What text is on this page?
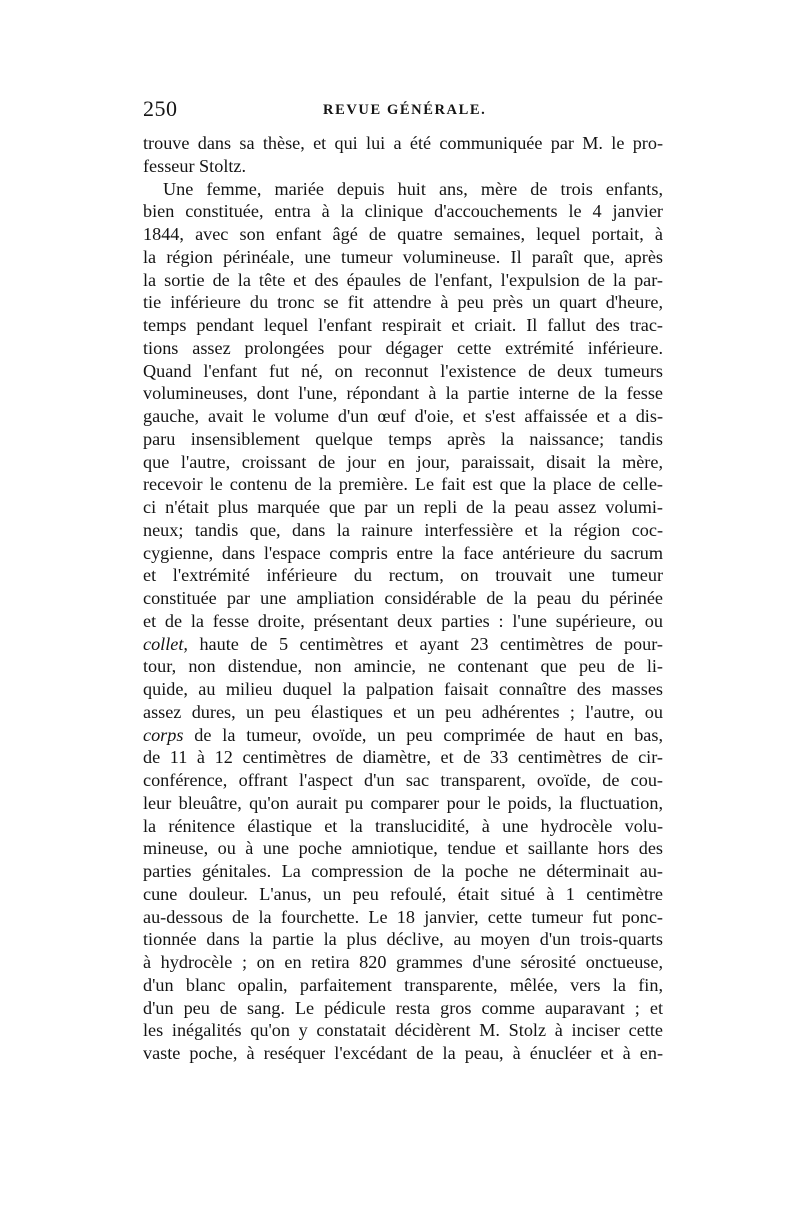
250	REVUE GÉNÉRALE.
trouve dans sa thèse, et qui lui a été communiquée par M. le pro-
fesseur Stoltz.
Une femme, mariée depuis huit ans, mère de trois enfants,
bien constituée, entra à la clinique d'accouchements le 4 janvier
1844, avec son enfant âgé de quatre semaines, lequel portait, à
la région périnéale, une tumeur volumineuse. Il paraît que, après
la sortie de la tête et des épaules de l'enfant, l'expulsion de la par-
tie inférieure du tronc se fit attendre à peu près un quart d'heure,
temps pendant lequel l'enfant respirait et criait. Il fallut des trac-
tions assez prolongées pour dégager cette extrémité inférieure.
Quand l'enfant fut né, on reconnut l'existence de deux tumeurs
volumineuses, dont l'une, répondant à la partie interne de la fesse
gauche, avait le volume d'un œuf d'oie, et s'est affaissée et a dis-
paru insensiblement quelque temps après la naissance; tandis
que l'autre, croissant de jour en jour, paraissait, disait la mère,
recevoir le contenu de la première. Le fait est que la place de celle-
ci n'était plus marquée que par un repli de la peau assez volumi-
neux; tandis que, dans la rainure interfessière et la région coc-
cygienne, dans l'espace compris entre la face antérieure du sacrum
et l'extrémité inférieure du rectum, on trouvait une tumeur
constituée par une ampliation considérable de la peau du périnée
et de la fesse droite, présentant deux parties : l'une supérieure, ou
collet, haute de 5 centimètres et ayant 23 centimètres de pour-
tour, non distendue, non amincie, ne contenant que peu de li-
quide, au milieu duquel la palpation faisait connaître des masses
assez dures, un peu élastiques et un peu adhérentes ; l'autre, ou
corps de la tumeur, ovoïde, un peu comprimée de haut en bas,
de 11 à 12 centimètres de diamètre, et de 33 centimètres de cir-
conférence, offrant l'aspect d'un sac transparent, ovoïde, de cou-
leur bleuâtre, qu'on aurait pu comparer pour le poids, la fluctuation,
la rénitence élastique et la translucidité, à une hydrocèle volu-
mineuse, ou à une poche amniotique, tendue et saillante hors des
parties génitales. La compression de la poche ne déterminait au-
cune douleur. L'anus, un peu refoulé, était situé à 1 centimètre
au-dessous de la fourchette. Le 18 janvier, cette tumeur fut ponc-
tionnée dans la partie la plus déclive, au moyen d'un trois-quarts
à hydrocèle ; on en retira 820 grammes d'une sérosité onctueuse,
d'un blanc opalin, parfaitement transparente, mêlée, vers la fin,
d'un peu de sang. Le pédicule resta gros comme auparavant ; et
les inégalités qu'on y constatait décidèrent M. Stolz à inciser cette
vaste poche, à reséquer l'excédant de la peau, à énucléer et à en-
